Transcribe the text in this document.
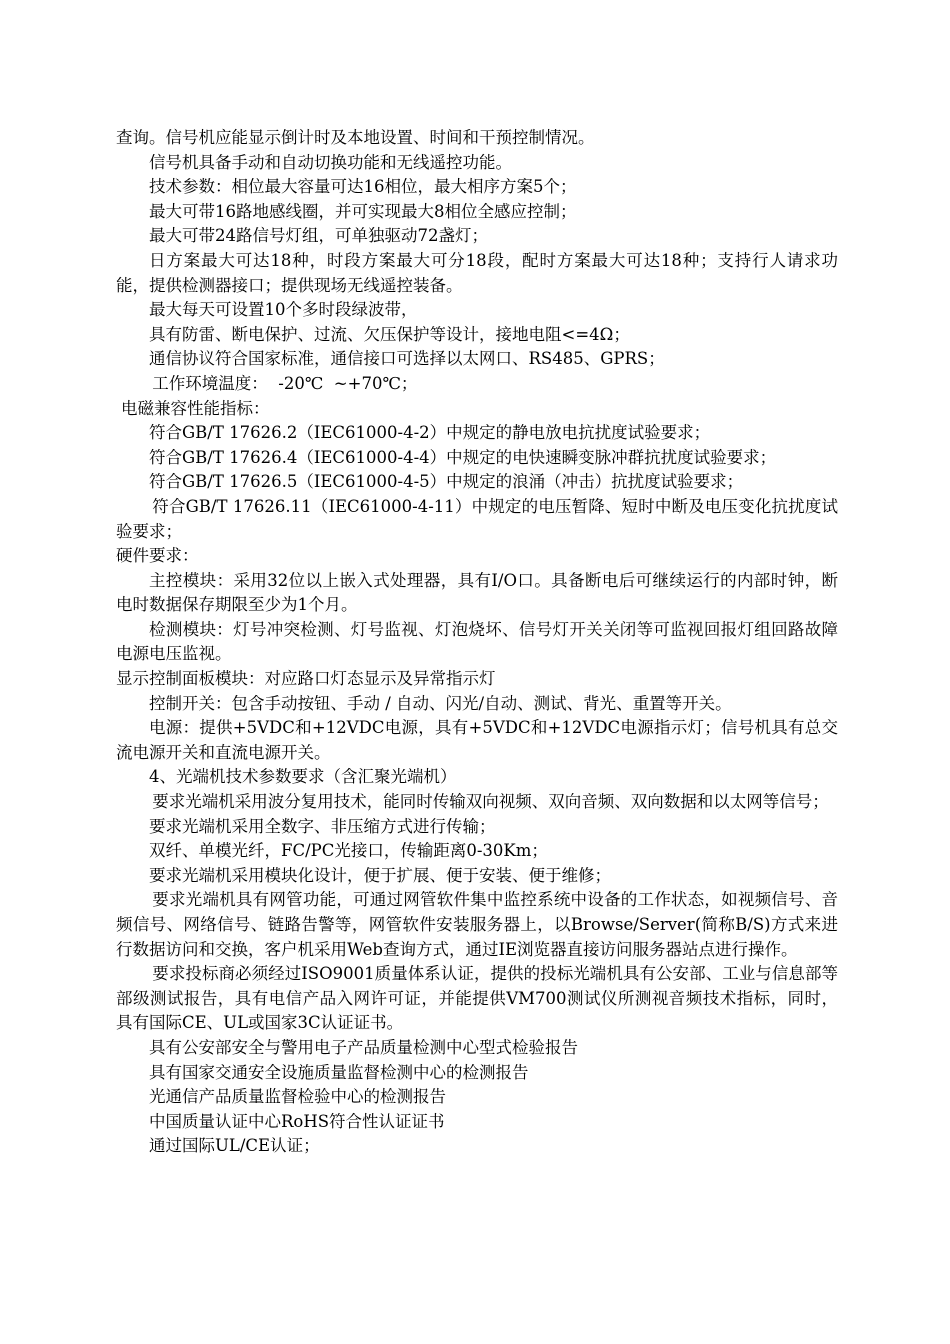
查询。信号机应能显示倒计时及本地设置、时间和干预控制情况。

信号机具备手动和自动切换功能和无线遥控功能。

技术参数：相位最大容量可达16相位，最大相序方案5个；

最大可带16路地感线圈，并可实现最大8相位全感应控制；

最大可带24路信号灯组，可单独驱动72盏灯；

日方案最大可达18种，时段方案最大可分18段，配时方案最大可达18种；支持行人请求功能，提供检测器接口；提供现场无线遥控装备。

最大每天可设置10个多时段绿波带，

具有防雷、断电保护、过流、欠压保护等设计，接地电阻<=4Ω；

通信协议符合国家标准，通信接口可选择以太网口、RS485、GPRS；

工作环境温度：  -20℃  ~+70℃；

电磁兼容性能指标：

符合GB/T 17626.2（IEC61000-4-2）中规定的静电放电抗扰度试验要求；

符合GB/T 17626.4（IEC61000-4-4）中规定的电快速瞬变脉冲群抗扰度试验要求；

符合GB/T 17626.5（IEC61000-4-5）中规定的浪涌（冲击）抗扰度试验要求；

符合GB/T 17626.11（IEC61000-4-11）中规定的电压暂降、短时中断及电压变化抗扰度试验要求；

硬件要求：

主控模块：采用32位以上嵌入式处理器，具有I/O口。具备断电后可继续运行的内部时钟，断电时数据保存期限至少为1个月。

检测模块：灯号冲突检测、灯号监视、灯泡烧坏、信号灯开关关闭等可监视回报灯组回路故障电源电压监视。

显示控制面板模块：对应路口灯态显示及异常指示灯

控制开关：包含手动按钮、手动 / 自动、闪光/自动、测试、背光、重置等开关。

电源：提供+5VDC和+12VDC电源，具有+5VDC和+12VDC电源指示灯；信号机具有总交流电源开关和直流电源开关。

4、光端机技术参数要求（含汇聚光端机）

要求光端机采用波分复用技术，能同时传输双向视频、双向音频、双向数据和以太网等信号；

要求光端机采用全数字、非压缩方式进行传输；

双纤、单模光纤，FC/PC光接口，传输距离0-30Km；

要求光端机采用模块化设计，便于扩展、便于安装、便于维修；

要求光端机具有网管功能，可通过网管软件集中监控系统中设备的工作状态，如视频信号、音频信号、网络信号、链路告警等，网管软件安装服务器上，以Browse/Server(简称B/S)方式来进行数据访问和交换，客户机采用Web查询方式，通过IE浏览器直接访问服务器站点进行操作。

要求投标商必须经过ISO9001质量体系认证，提供的投标光端机具有公安部、工业与信息部等部级测试报告，具有电信产品入网许可证，并能提供VM700测试仪所测视音频技术指标，同时，  具有国际CE、UL或国家3C认证证书。

具有公安部安全与警用电子产品质量检测中心型式检验报告

具有国家交通安全设施质量监督检测中心的检测报告

光通信产品质量监督检验中心的检测报告

中国质量认证中心RoHS符合性认证证书

通过国际UL/CE认证；
